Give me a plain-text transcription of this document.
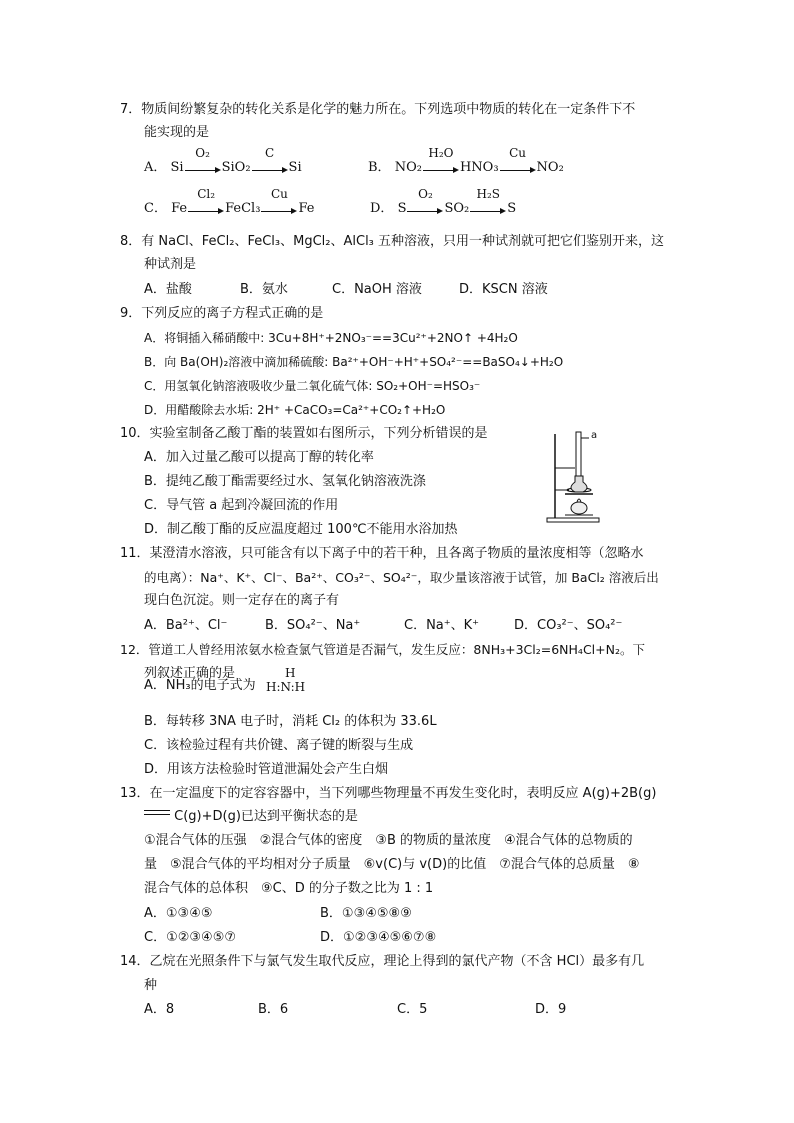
7．物质间纷繁复杂的转化关系是化学的魅力所在。下列选项中物质的转化在一定条件下不
能实现的是
A． Si
O₂
SiO₂
C
Si	B． NO₂
H₂O
HNO₃
Cu
NO₂
C． Fe
Cl₂
FeCl₃
Cu
Fe	D． S
O₂
SO₂
H₂S
S
8．有 NaCl、FeCl₂、FeCl₃、MgCl₂、AlCl₃ 五种溶液，只用一种试剂就可把它们鉴别开来，这
种试剂是
A．盐酸	B．氨水	C．NaOH 溶液	D．KSCN 溶液
9．下列反应的离子方程式正确的是
A．将铜插入稀硝酸中: 3Cu+8H⁺+2NO₃⁻==3Cu²⁺+2NO↑ +4H₂O
B．向 Ba(OH)₂溶液中滴加稀硫酸: Ba²⁺+OH⁻+H⁺+SO₄²⁻==BaSO₄↓+H₂O
C．用氢氧化钠溶液吸收少量二氧化硫气体: SO₂+OH⁻=HSO₃⁻
D．用醋酸除去水垢: 2H⁺ +CaCO₃=Ca²⁺+CO₂↑+H₂O
10．实验室制备乙酸丁酯的装置如右图所示，下列分析错误的是
A．加入过量乙酸可以提高丁醇的转化率
B．提纯乙酸丁酯需要经过水、氢氧化钠溶液洗涤
C．导气管 a 起到冷凝回流的作用
D．制乙酸丁酯的反应温度超过 100℃不能用水浴加热
a
11．某澄清水溶液，只可能含有以下离子中的若干种，且各离子物质的量浓度相等（忽略水
的电离）：Na⁺、K⁺、Cl⁻、Ba²⁺、CO₃²⁻、SO₄²⁻，取少量该溶液于试管，加 BaCl₂ 溶液后出
现白色沉淀。则一定存在的离子有
A．Ba²⁺、Cl⁻	B．SO₄²⁻、Na⁺	C．Na⁺、K⁺	D．CO₃²⁻、SO₄²⁻
12．管道工人曾经用浓氨水检查氯气管道是否漏气，发生反应：8NH₃+3Cl₂=6NH₄Cl+N₂。下
列叙述正确的是
A．NH₃的电子式为
H
H:N:H
B．每转移 3NA 电子时，消耗 Cl₂ 的体积为 33.6L
C．该检验过程有共价键、离子键的断裂与生成
D．用该方法检验时管道泄漏处会产生白烟
13．在一定温度下的定容容器中，当下列哪些物理量不再发生变化时，表明反应 A(g)+2B(g)
C(g)+D(g)已达到平衡状态的是
①混合气体的压强　②混合气体的密度　③B 的物质的量浓度　④混合气体的总物质的
量　⑤混合气体的平均相对分子质量　⑥v(C)与 v(D)的比值　⑦混合气体的总质量　⑧
混合气体的总体积　⑨C、D 的分子数之比为 1 : 1
A．①③④⑤	B．①③④⑤⑧⑨
C．①②③④⑤⑦	D．①②③④⑤⑥⑦⑧
14．乙烷在光照条件下与氯气发生取代反应，理论上得到的氯代产物（不含 HCl）最多有几
种
A．8	B．6	C．5	D．9
